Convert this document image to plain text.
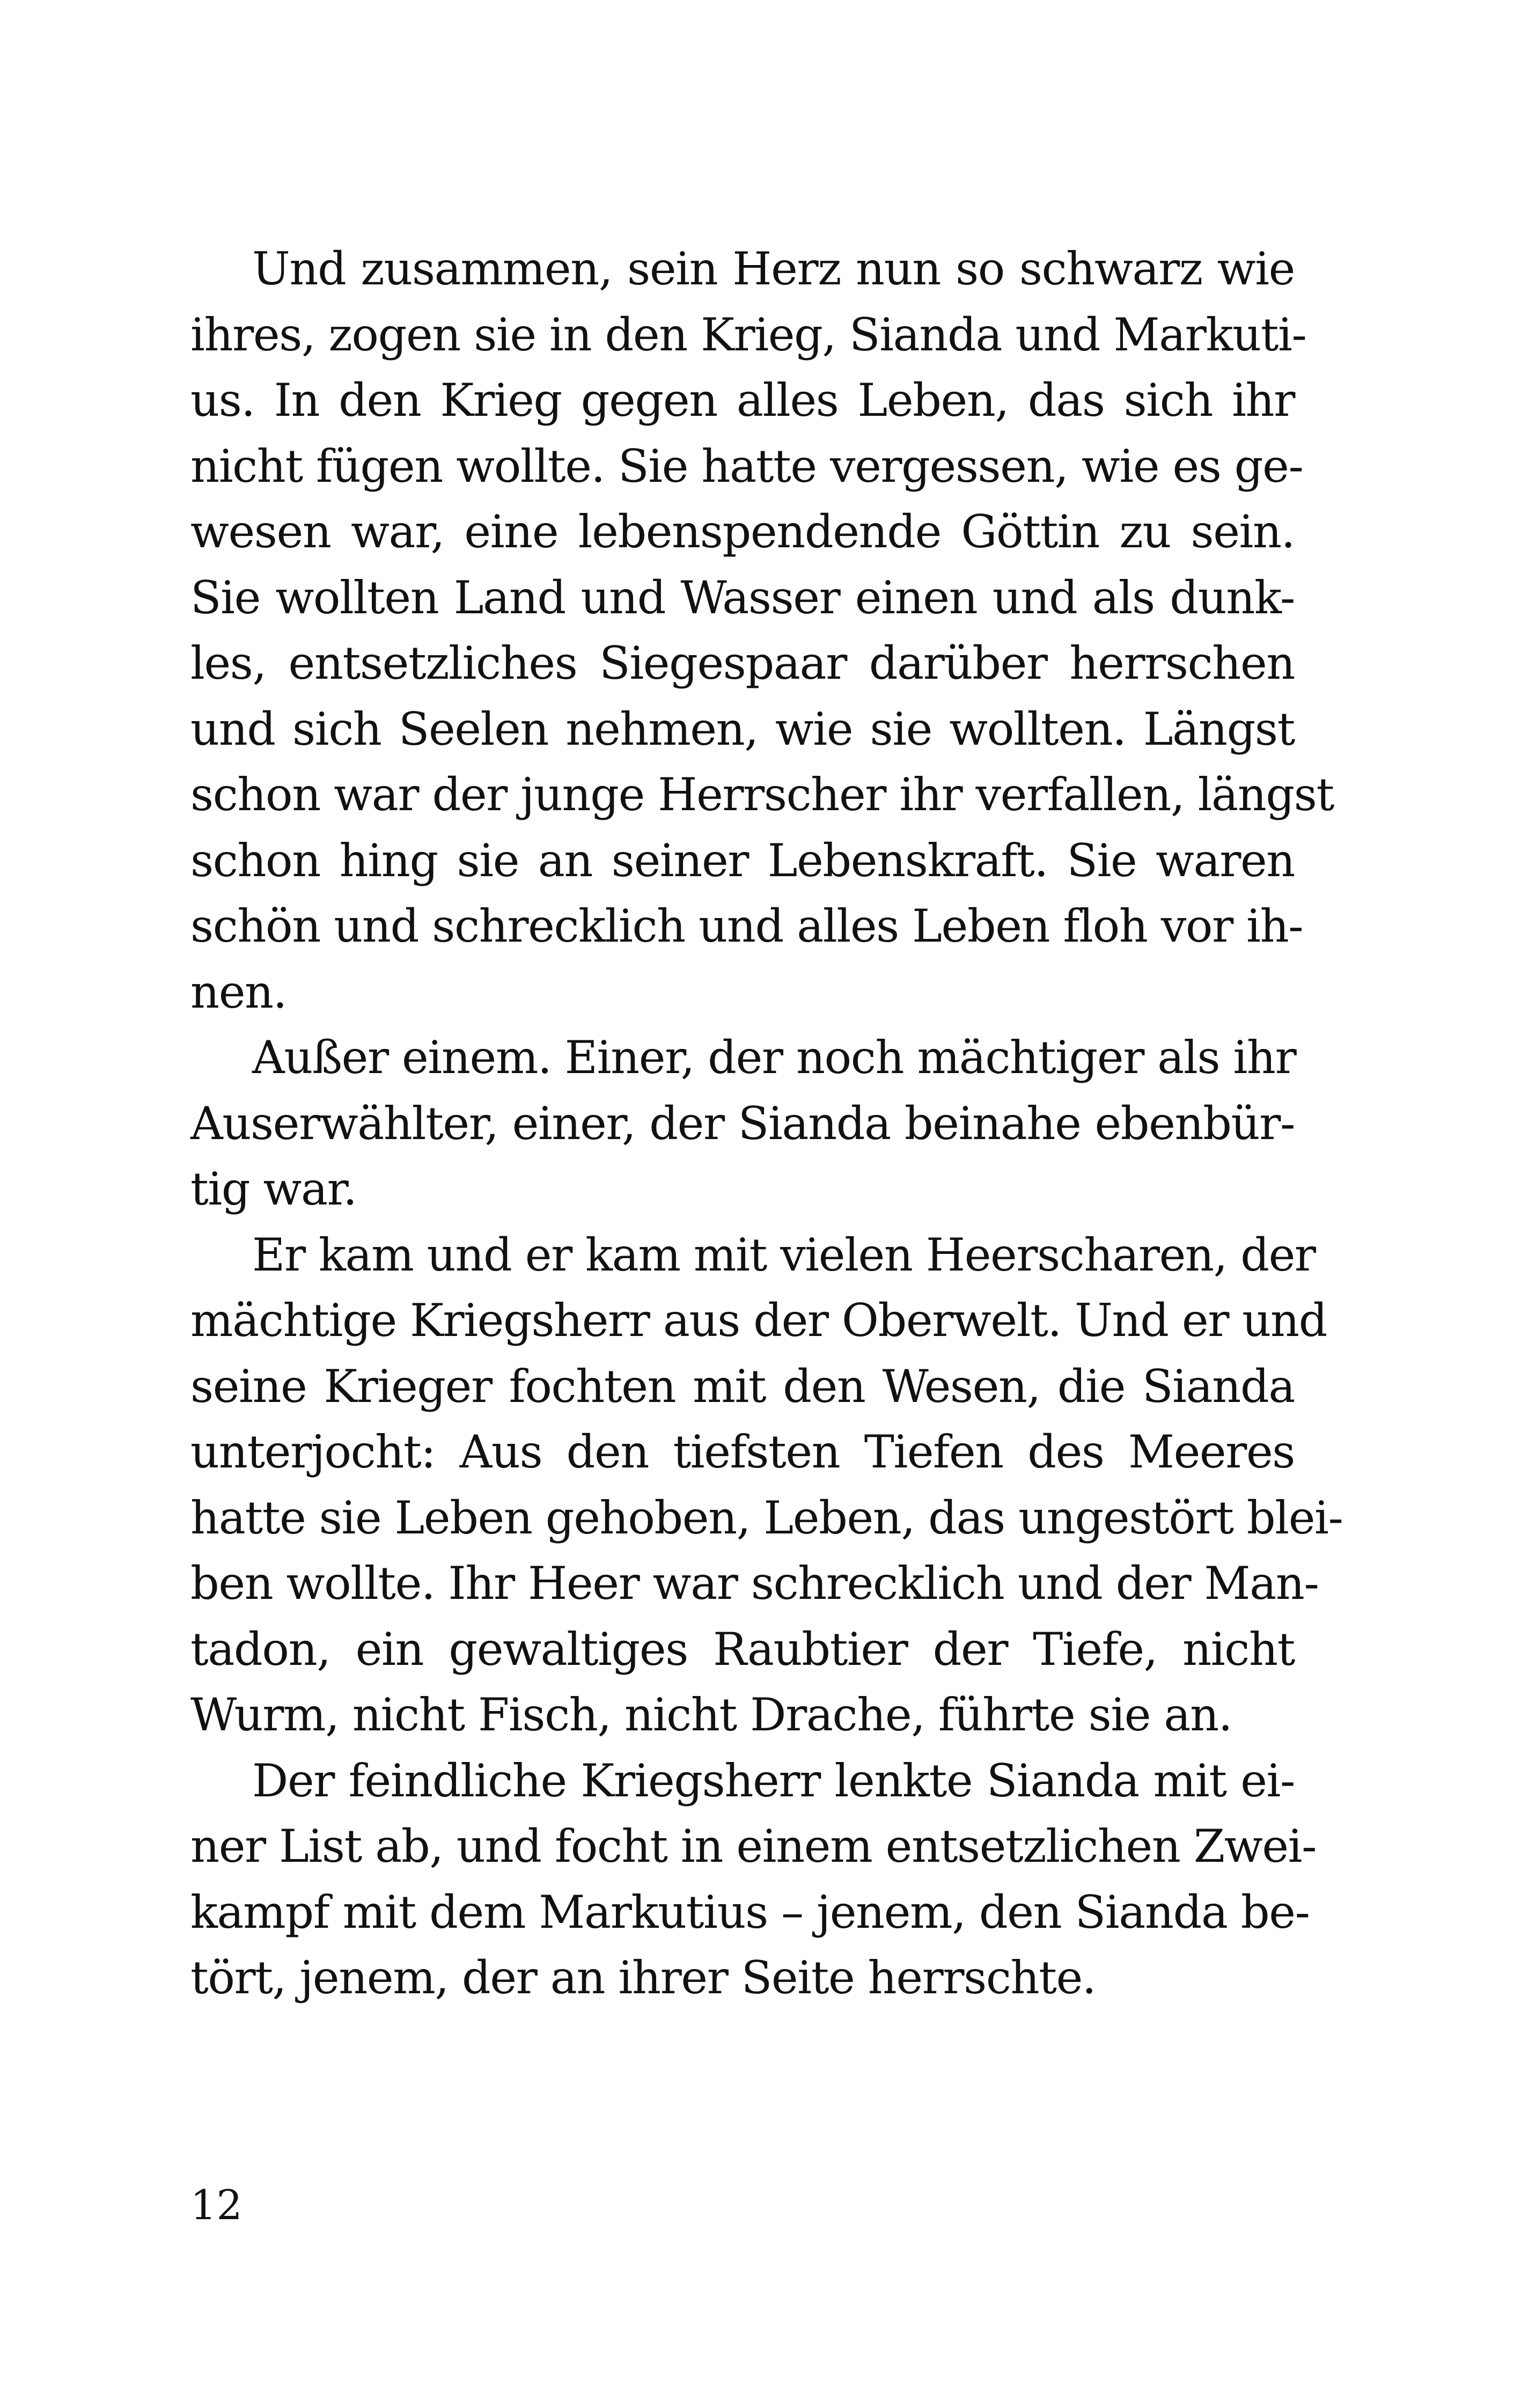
Und zusammen, sein Herz nun so schwarz wie
ihres, zogen sie in den Krieg, Sianda und Markuti-
us. In den Krieg gegen alles Leben, das sich ihr
nicht fügen wollte. Sie hatte vergessen, wie es ge-
wesen war, eine lebenspendende Göttin zu sein.
Sie wollten Land und Wasser einen und als dunk-
les, entsetzliches Siegespaar darüber herrschen
und sich Seelen nehmen, wie sie wollten. Längst
schon war der junge Herrscher ihr verfallen, längst
schon hing sie an seiner Lebenskraft. Sie waren
schön und schrecklich und alles Leben floh vor ih-
nen.
Außer einem. Einer, der noch mächtiger als ihr
Auserwählter, einer, der Sianda beinahe ebenbür-
tig war.
Er kam und er kam mit vielen Heerscharen, der
mächtige Kriegsherr aus der Oberwelt. Und er und
seine Krieger fochten mit den Wesen, die Sianda
unterjocht: Aus den tiefsten Tiefen des Meeres
hatte sie Leben gehoben, Leben, das ungestört blei-
ben wollte. Ihr Heer war schrecklich und der Man-
tadon, ein gewaltiges Raubtier der Tiefe, nicht
Wurm, nicht Fisch, nicht Drache, führte sie an.
Der feindliche Kriegsherr lenkte Sianda mit ei-
ner List ab, und focht in einem entsetzlichen Zwei-
kampf mit dem Markutius – jenem, den Sianda be-
tört, jenem, der an ihrer Seite herrschte.
12
